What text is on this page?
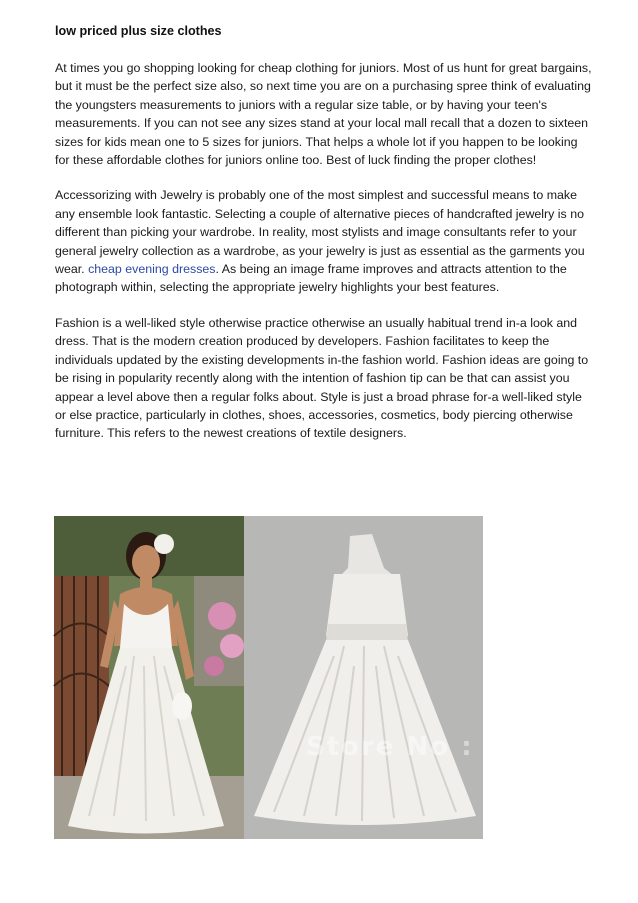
low priced plus size clothes
At times you go shopping looking for cheap clothing for juniors. Most of us hunt for great bargains,
but it must be the perfect size also, so next time you are on a purchasing spree think of evaluating
the youngsters measurements to juniors with a regular size table, or by having your teen's
measurements. If you can not see any sizes stand at your local mall recall that a dozen to sixteen
sizes for kids mean one to 5 sizes for juniors. That helps a whole lot if you happen to be looking
for these affordable clothes for juniors online too. Best of luck finding the proper clothes!
Accessorizing with Jewelry is probably one of the most simplest and successful means to make
any ensemble look fantastic. Selecting a couple of alternative pieces of handcrafted jewelry is no
different than picking your wardrobe. In reality, most stylists and image consultants refer to your
general jewelry collection as a wardrobe, as your jewelry is just as essential as the garments you
wear. cheap evening dresses. As being an image frame improves and attracts attention to the
photograph within, selecting the appropriate jewelry highlights your best features.
Fashion is a well-liked style otherwise practice otherwise an usually habitual trend in-a look and
dress. That is the modern creation produced by developers. Fashion facilitates to keep the
individuals updated by the existing developments in-the fashion world. Fashion ideas are going to
be rising in popularity recently along with the intention of fashion tip can be that can assist you
appear a level above then a regular folks about. Style is just a broad phrase for-a well-liked style
or else practice, particularly in clothes, shoes, accessories, cosmetics, body piercing otherwise
furniture. This refers to the newest creations of textile designers.
Store No : 305541
